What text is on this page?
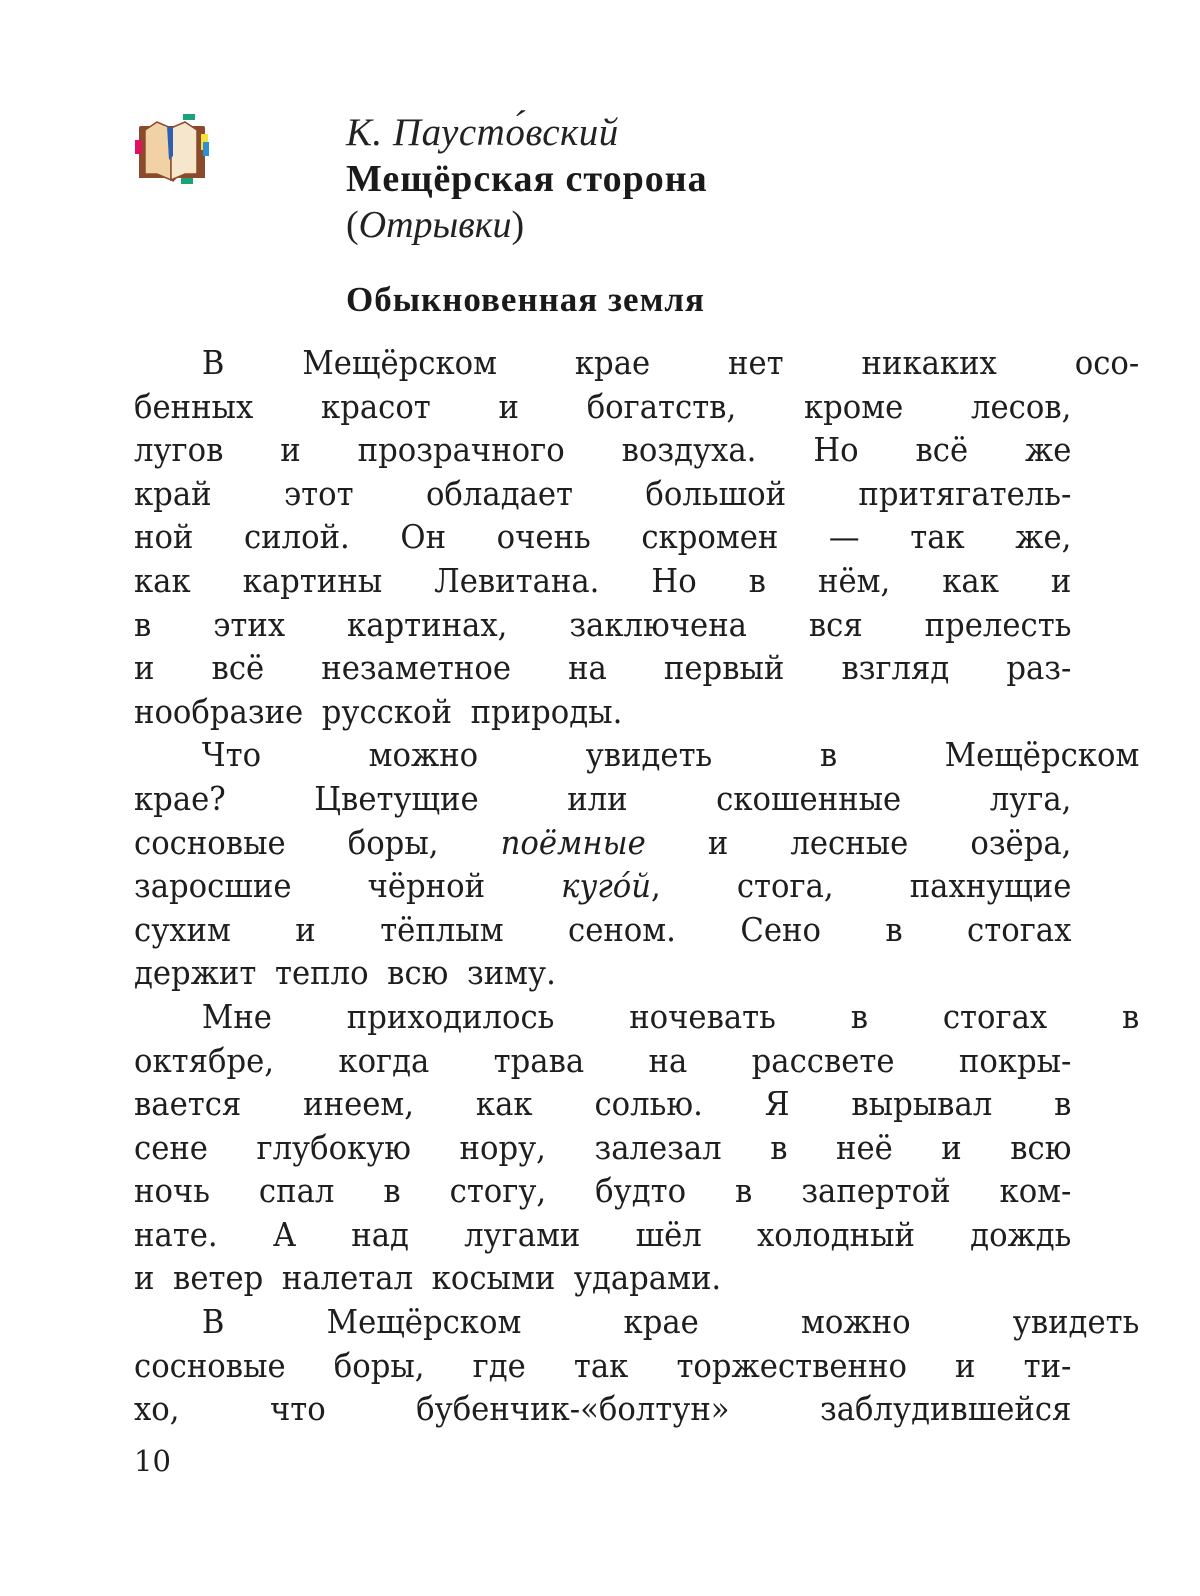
К. Паусто́вский
Мещёрская сторона
(Отрывки)
Обыкновенная земля
В Мещёрском крае нет никаких осо-
бенных красот и богатств, кроме лесов,
лугов и прозрачного воздуха. Но всё же
край этот обладает большой притягатель-
ной силой. Он очень скромен — так же,
как картины Левитана. Но в нём, как и
в этих картинах, заключена вся прелесть
и всё незаметное на первый взгляд раз-
нообразие русской природы.
Что	можно	увидеть	в	Мещёрском
крае?	Цветущие	или	скошенные	луга,
сосновые боры, поёмные и лесные озёра,
заросшие чёрной куго́й, стога, пахнущие
сухим и тёплым сеном. Сено в стогах
держит тепло всю зиму.
Мне приходилось ночевать в стогах в
октябре, когда трава на рассвете покры-
вается инеем, как солью. Я вырывал в
сене глубокую нору, залезал в неё и всю
ночь спал в стогу, будто в запертой ком-
нате. А над лугами шёл холодный дождь
и ветер налетал косыми ударами.
В	Мещёрском	крае	можно	увидеть
сосновые боры, где так торжественно и ти-
хо,	что	бубенчик-«болтун»	заблудившейся
10
